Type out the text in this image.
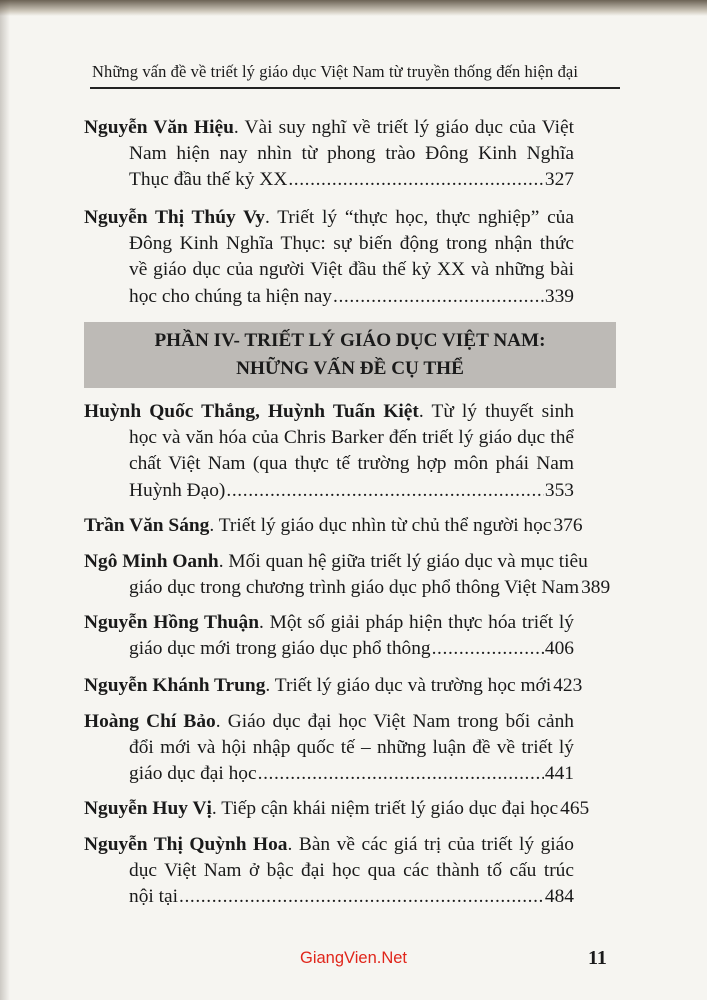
Những vấn đề về triết lý giáo dục Việt Nam từ truyền thống đến hiện đại
Nguyễn Văn Hiệu. Vài suy nghĩ về triết lý giáo dục của Việt
Nam hiện nay nhìn từ phong trào Đông Kinh Nghĩa
Thục đầu thế kỷ XX .....	327
Nguyễn Thị Thúy Vy. Triết lý “thực học, thực nghiệp” của
Đông Kinh Nghĩa Thục: sự biến động trong nhận thức
về giáo dục của người Việt đầu thế kỷ XX và những bài
học cho chúng ta hiện nay .....	339
PHẦN IV- TRIẾT LÝ GIÁO DỤC VIỆT NAM:
NHỮNG VẤN ĐỀ CỤ THỂ
Huỳnh Quốc Thắng, Huỳnh Tuấn Kiệt. Từ lý thuyết sinh
học và văn hóa của Chris Barker đến triết lý giáo dục thể
chất Việt Nam (qua thực tế trường hợp môn phái Nam
Huỳnh Đạo) .....	353
Trần Văn Sáng. Triết lý giáo dục nhìn từ chủ thể người học 376
Ngô Minh Oanh. Mối quan hệ giữa triết lý giáo dục và mục tiêu
giáo dục trong chương trình giáo dục phổ thông Việt Nam 389
Nguyễn Hồng Thuận. Một số giải pháp hiện thực hóa triết lý
giáo dục mới trong giáo dục phổ thông .....	406
Nguyễn Khánh Trung. Triết lý giáo dục và trường học mới 423
Hoàng Chí Bảo. Giáo dục đại học Việt Nam trong bối cảnh
đổi mới và hội nhập quốc tế – những luận đề về triết lý
giáo dục đại học .....	441
Nguyễn Huy Vị. Tiếp cận khái niệm triết lý giáo dục đại học 465
Nguyễn Thị Quỳnh Hoa. Bàn về các giá trị của triết lý giáo
dục Việt Nam ở bậc đại học qua các thành tố cấu trúc
nội tại .....	484
GiangVien.Net	11
